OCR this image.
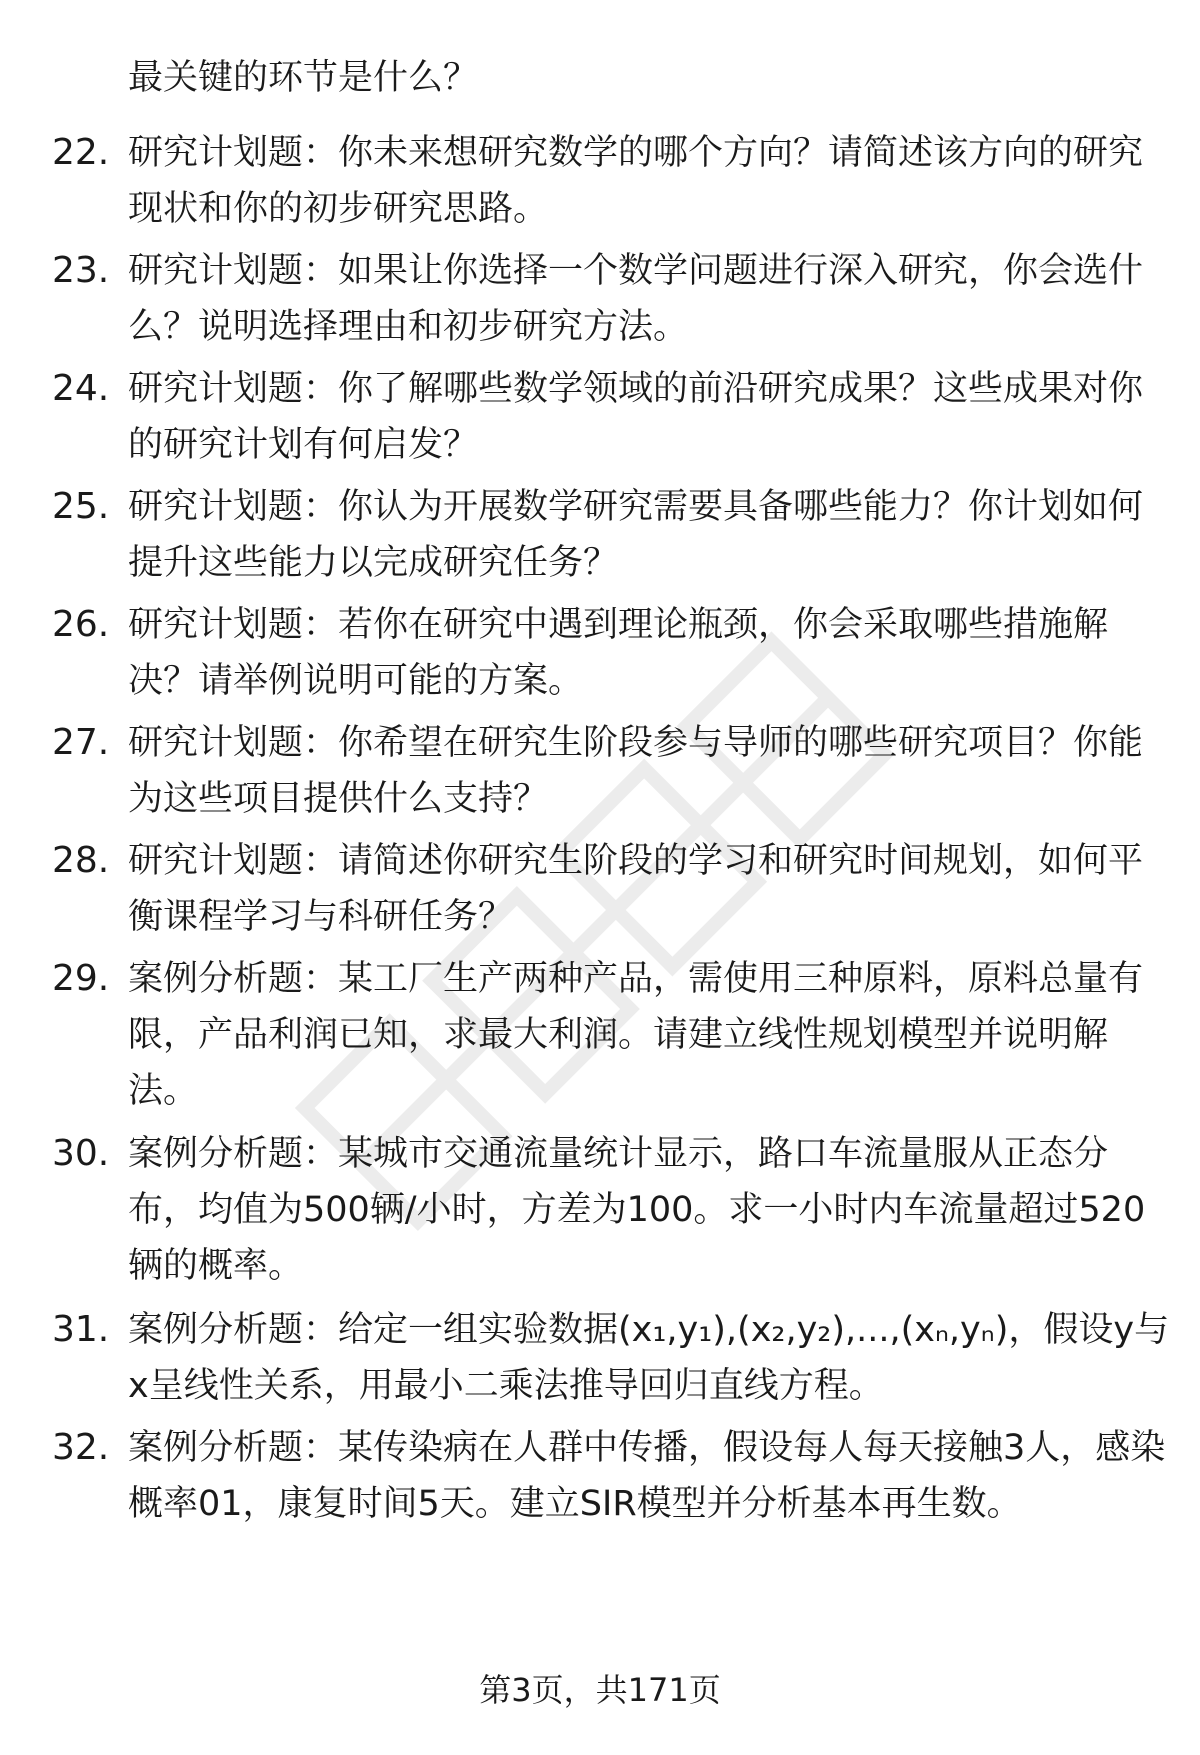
最关键的环节是什么？
22. 研究计划题：你未来想研究数学的哪个方向？请简述该方向的研究现状和你的初步研究思路。
23. 研究计划题：如果让你选择一个数学问题进行深入研究，你会选什么？说明选择理由和初步研究方法。
24. 研究计划题：你了解哪些数学领域的前沿研究成果？这些成果对你的研究计划有何启发？
25. 研究计划题：你认为开展数学研究需要具备哪些能力？你计划如何提升这些能力以完成研究任务？
26. 研究计划题：若你在研究中遇到理论瓶颈，你会采取哪些措施解决？请举例说明可能的方案。
27. 研究计划题：你希望在研究生阶段参与导师的哪些研究项目？你能为这些项目提供什么支持？
28. 研究计划题：请简述你研究生阶段的学习和研究时间规划，如何平衡课程学习与科研任务？
29. 案例分析题：某工厂生产两种产品，需使用三种原料，原料总量有限，产品利润已知，求最大利润。请建立线性规划模型并说明解法。
30. 案例分析题：某城市交通流量统计显示，路口车流量服从正态分布，均值为500辆/小时，方差为100。求一小时内车流量超过520辆的概率。
31. 案例分析题：给定一组实验数据(x₁,y₁),(x₂,y₂),...,(xₙ,yₙ)，假设y与x呈线性关系，用最小二乘法推导回归直线方程。
32. 案例分析题：某传染病在人群中传播，假设每人每天接触3人，感染概率01，康复时间5天。建立SIR模型并分析基本再生数。
第3页，共171页
